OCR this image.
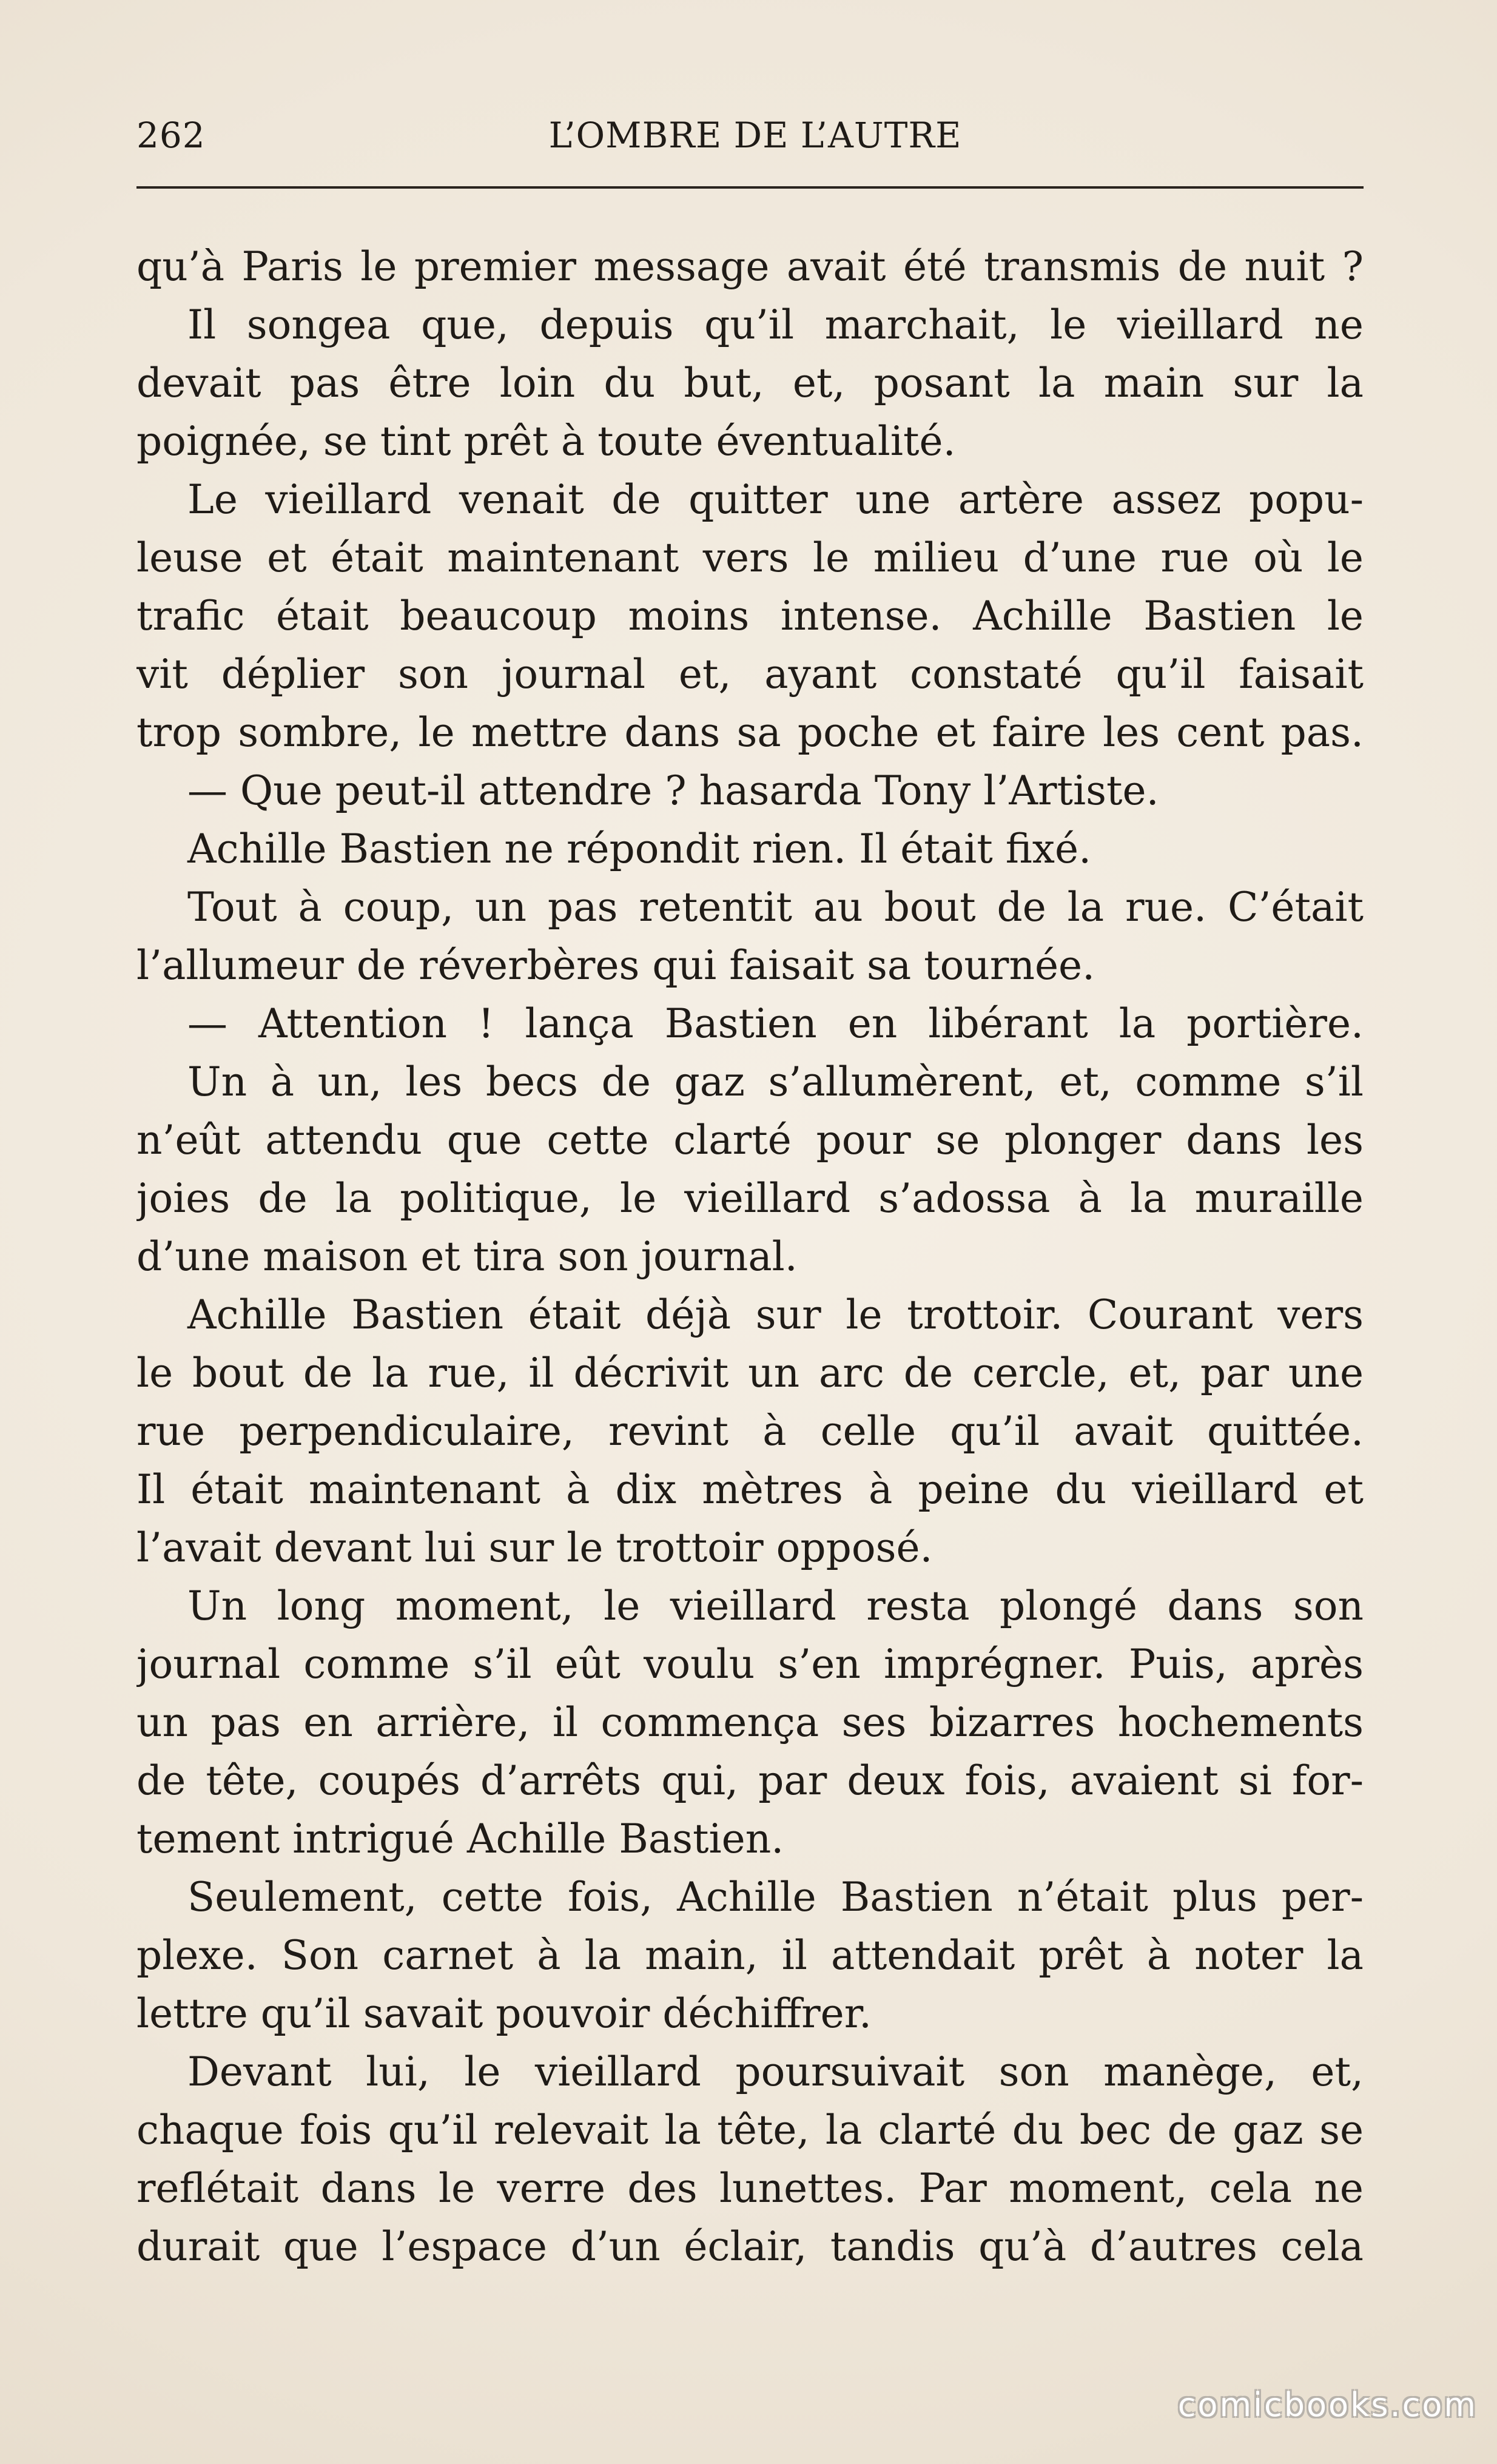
262	L’OMBRE DE L’AUTRE
qu’à Paris le premier message avait été transmis de nuit ?
Il songea que, depuis qu’il marchait, le vieillard ne
devait pas être loin du but, et, posant la main sur la
poignée, se tint prêt à toute éventualité.
Le vieillard venait de quitter une artère assez popu-
leuse et était maintenant vers le milieu d’une rue où le
trafic était beaucoup moins intense. Achille Bastien le
vit déplier son journal et, ayant constaté qu’il faisait
trop sombre, le mettre dans sa poche et faire les cent pas.
— Que peut-il attendre ? hasarda Tony l’Artiste.
Achille Bastien ne répondit rien. Il était fixé.
Tout à coup, un pas retentit au bout de la rue. C’était
l’allumeur de réverbères qui faisait sa tournée.
— Attention ! lança Bastien en libérant la portière.
Un à un, les becs de gaz s’allumèrent, et, comme s’il
n’eût attendu que cette clarté pour se plonger dans les
joies de la politique, le vieillard s’adossa à la muraille
d’une maison et tira son journal.
Achille Bastien était déjà sur le trottoir. Courant vers
le bout de la rue, il décrivit un arc de cercle, et, par une
rue perpendiculaire, revint à celle qu’il avait quittée.
Il était maintenant à dix mètres à peine du vieillard et
l’avait devant lui sur le trottoir opposé.
Un long moment, le vieillard resta plongé dans son
journal comme s’il eût voulu s’en imprégner. Puis, après
un pas en arrière, il commença ses bizarres hochements
de tête, coupés d’arrêts qui, par deux fois, avaient si for-
tement intrigué Achille Bastien.
Seulement, cette fois, Achille Bastien n’était plus per-
plexe. Son carnet à la main, il attendait prêt à noter la
lettre qu’il savait pouvoir déchiffrer.
Devant lui, le vieillard poursuivait son manège, et,
chaque fois qu’il relevait la tête, la clarté du bec de gaz se
reflétait dans le verre des lunettes. Par moment, cela ne
durait que l’espace d’un éclair, tandis qu’à d’autres cela
comicbooks.com
